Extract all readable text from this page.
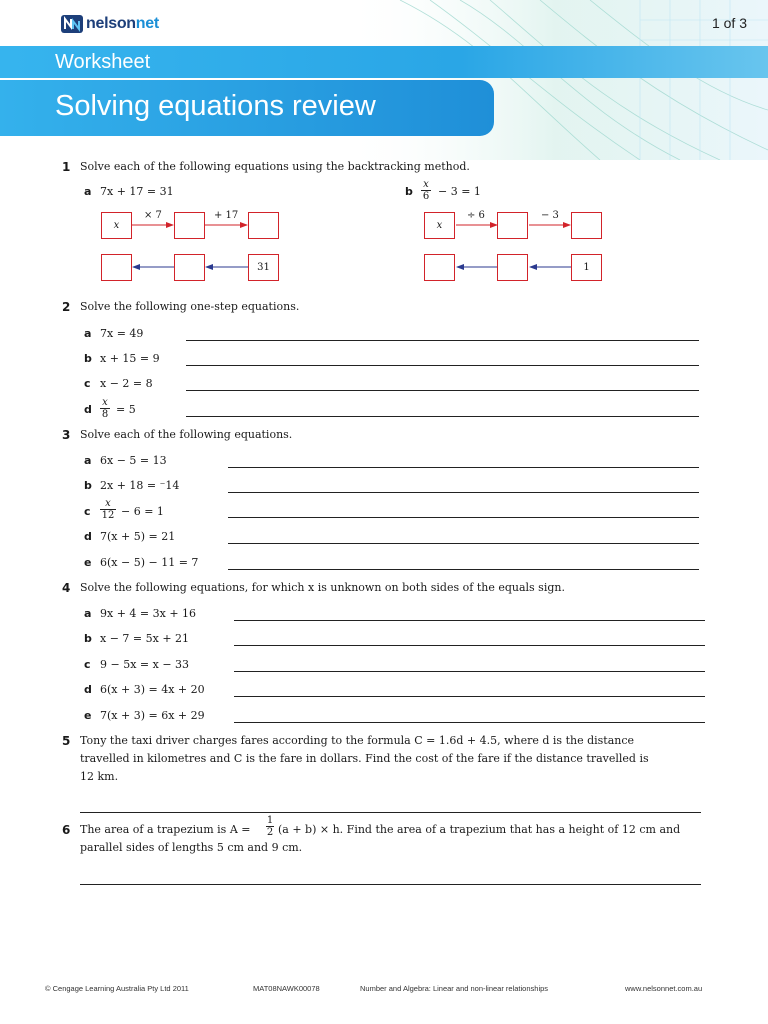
nelsonnet	1 of 3
Worksheet
Solving equations review
1 Solve each of the following equations using the backtracking method.
a 7x + 17 = 31	b
x
6 − 3 = 1
x
× 7	+ 17
31
x
÷ 6	− 3
1
2 Solve the following one-step equations.
a 7x = 49
b x + 15 = 9
c x − 2 = 8
d
x
8 = 5
3 Solve each of the following equations.
a 6x − 5 = 13
b 2x + 18 = ⁻14
c
x
12 − 6 = 1
d 7(x + 5) = 21
e 6(x − 5) − 11 = 7
4 Solve the following equations, for which x is unknown on both sides of the equals sign.
a 9x + 4 = 3x + 16
b x − 7 = 5x + 21
c 9 − 5x = x − 33
d 6(x + 3) = 4x + 20
e 7(x + 3) = 6x + 29
5 Tony the taxi driver charges fares according to the formula C = 1.6d + 4.5, where d is the distance
travelled in kilometres and C is the fare in dollars. Find the cost of the fare if the distance travelled is
12 km.
6 The area of a trapezium is A =
1
2 (a + b) × h. Find the area of a trapezium that has a height of 12 cm and
parallel sides of lengths 5 cm and 9 cm.
© Cengage Learning Australia Pty Ltd 2011	MAT08NAWK00078	Number and Algebra: Linear and non-linear relationships	www.nelsonnet.com.au
